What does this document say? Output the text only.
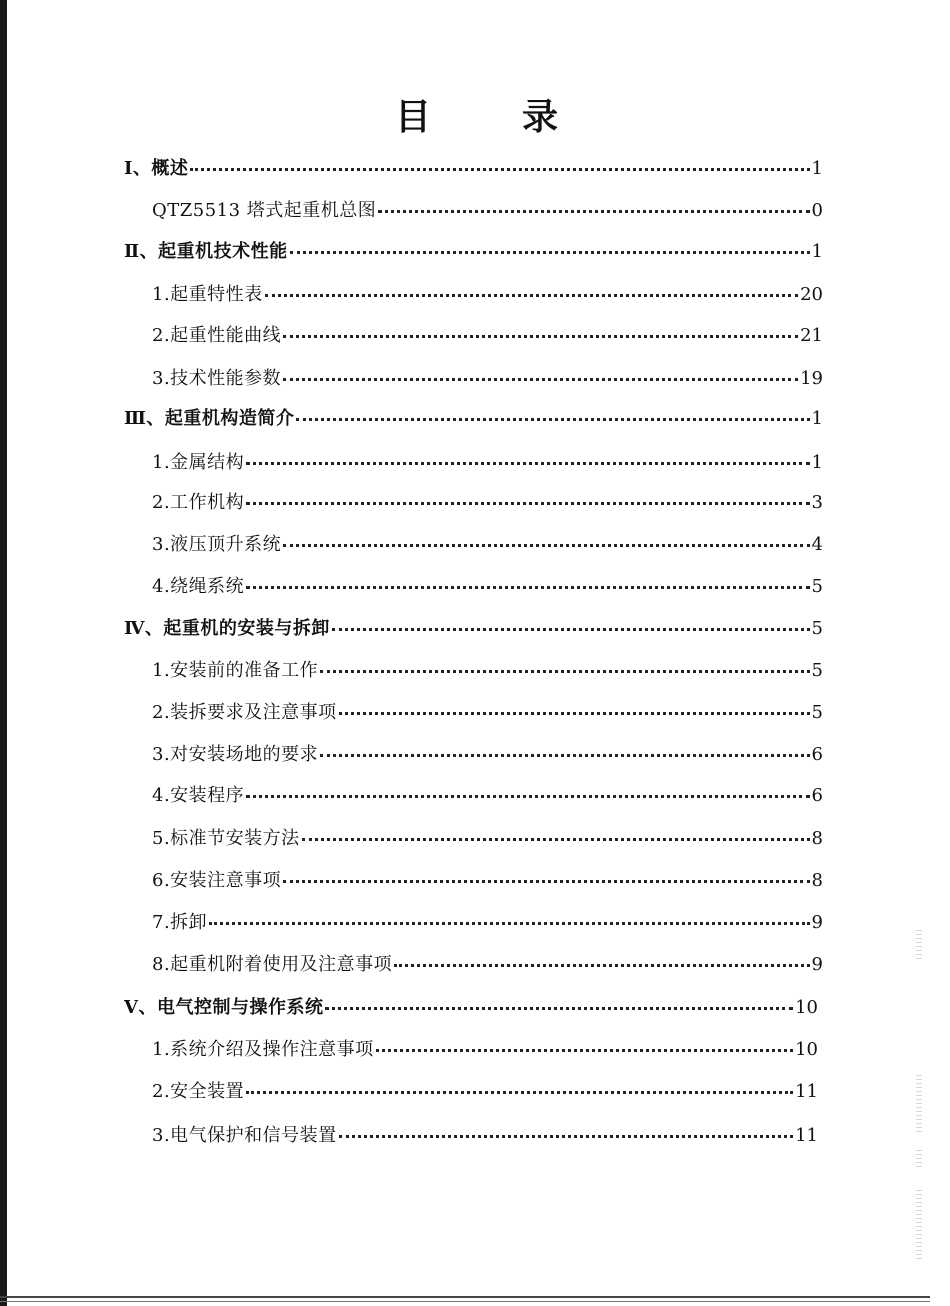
目	录
Ⅰ、概述	1
QTZ5513 塔式起重机总图	0
Ⅱ、起重机技术性能	1
1.起重特性表	20
2.起重性能曲线	21
3.技术性能参数	19
Ⅲ、起重机构造简介	1
1.金属结构	1
2.工作机构	3
3.液压顶升系统	4
4.绕绳系统	5
Ⅳ、起重机的安装与拆卸	5
1.安装前的准备工作	5
2.装拆要求及注意事项	5
3.对安装场地的要求	6
4.安装程序	6
5.标准节安装方法	8
6.安装注意事项	8
7.拆卸	9
8.起重机附着使用及注意事项	9
Ⅴ、电气控制与操作系统	10
1.系统介绍及操作注意事项	10
2.安全装置	11
3.电气保护和信号装置	11
